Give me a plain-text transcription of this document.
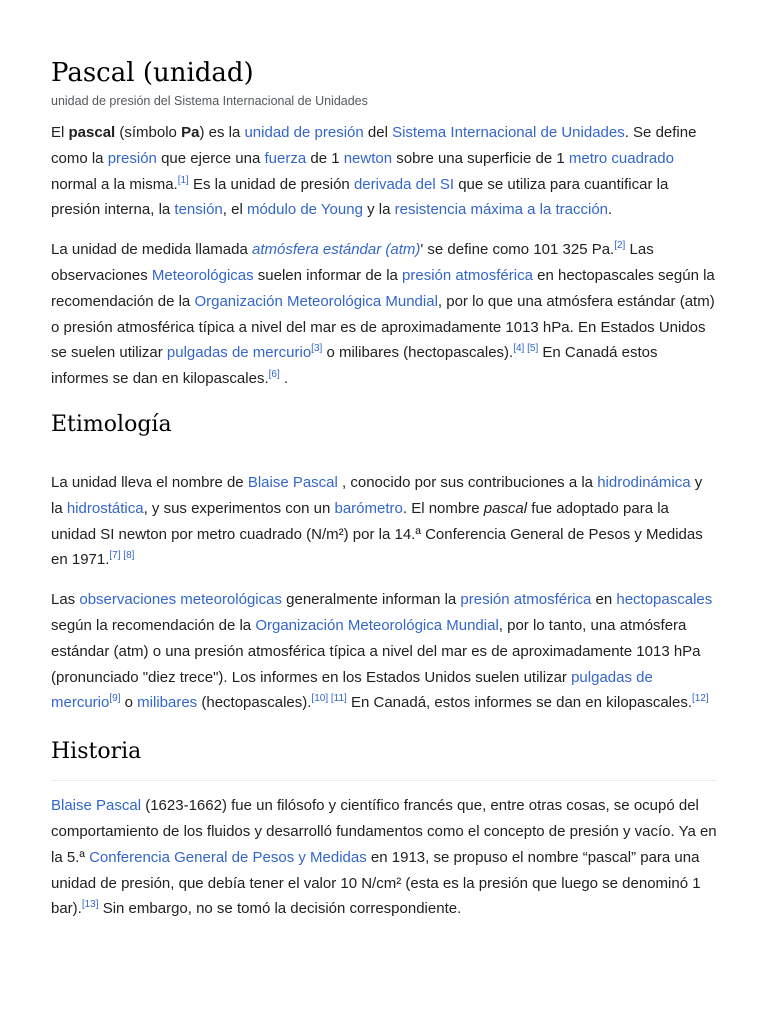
Pascal (unidad)
unidad de presión del Sistema Internacional de Unidades

El pascal (símbolo Pa) es la unidad de presión del Sistema Internacional de Unidades. Se define como la presión que ejerce una fuerza de 1 newton sobre una superficie de 1 metro cuadrado normal a la misma.[1] Es la unidad de presión derivada del SI que se utiliza para cuantificar la presión interna, la tensión, el módulo de Young y la resistencia máxima a la tracción.

La unidad de medida llamada atmósfera estándar (atm)' se define como 101 325 Pa.[2] Las observaciones Meteorológicas suelen informar de la presión atmosférica en hectopascales según la recomendación de la Organización Meteorológica Mundial, por lo que una atmósfera estándar (atm) o presión atmosférica típica a nivel del mar es de aproximadamente 1013 hPa. En Estados Unidos se suelen utilizar pulgadas de mercurio[3] o milibares (hectopascales).[4] [5] En Canadá estos informes se dan en kilopascales.[6] .

Etimología

La unidad lleva el nombre de Blaise Pascal , conocido por sus contribuciones a la hidrodinámica y la hidrostática, y sus experimentos con un barómetro. El nombre pascal fue adoptado para la unidad SI newton por metro cuadrado (N/m²) por la 14.ª Conferencia General de Pesos y Medidas en 1971.[7] [8]

Las observaciones meteorológicas generalmente informan la presión atmosférica en hectopascales según la recomendación de la Organización Meteorológica Mundial, por lo tanto, una atmósfera estándar (atm) o una presión atmosférica típica a nivel del mar es de aproximadamente 1013 hPa (pronunciado "diez trece"). Los informes en los Estados Unidos suelen utilizar pulgadas de mercurio[9] o milibares (hectopascales).[10] [11] En Canadá, estos informes se dan en kilopascales.[12]

Historia

Blaise Pascal (1623-1662) fue un filósofo y científico francés que, entre otras cosas, se ocupó del comportamiento de los fluidos y desarrolló fundamentos como el concepto de presión y vacío. Ya en la 5.ª Conferencia General de Pesos y Medidas en 1913, se propuso el nombre “pascal” para una unidad de presión, que debía tener el valor 10 N/cm² (esta es la presión que luego se denominó 1 bar).[13] Sin embargo, no se tomó la decisión correspondiente.
